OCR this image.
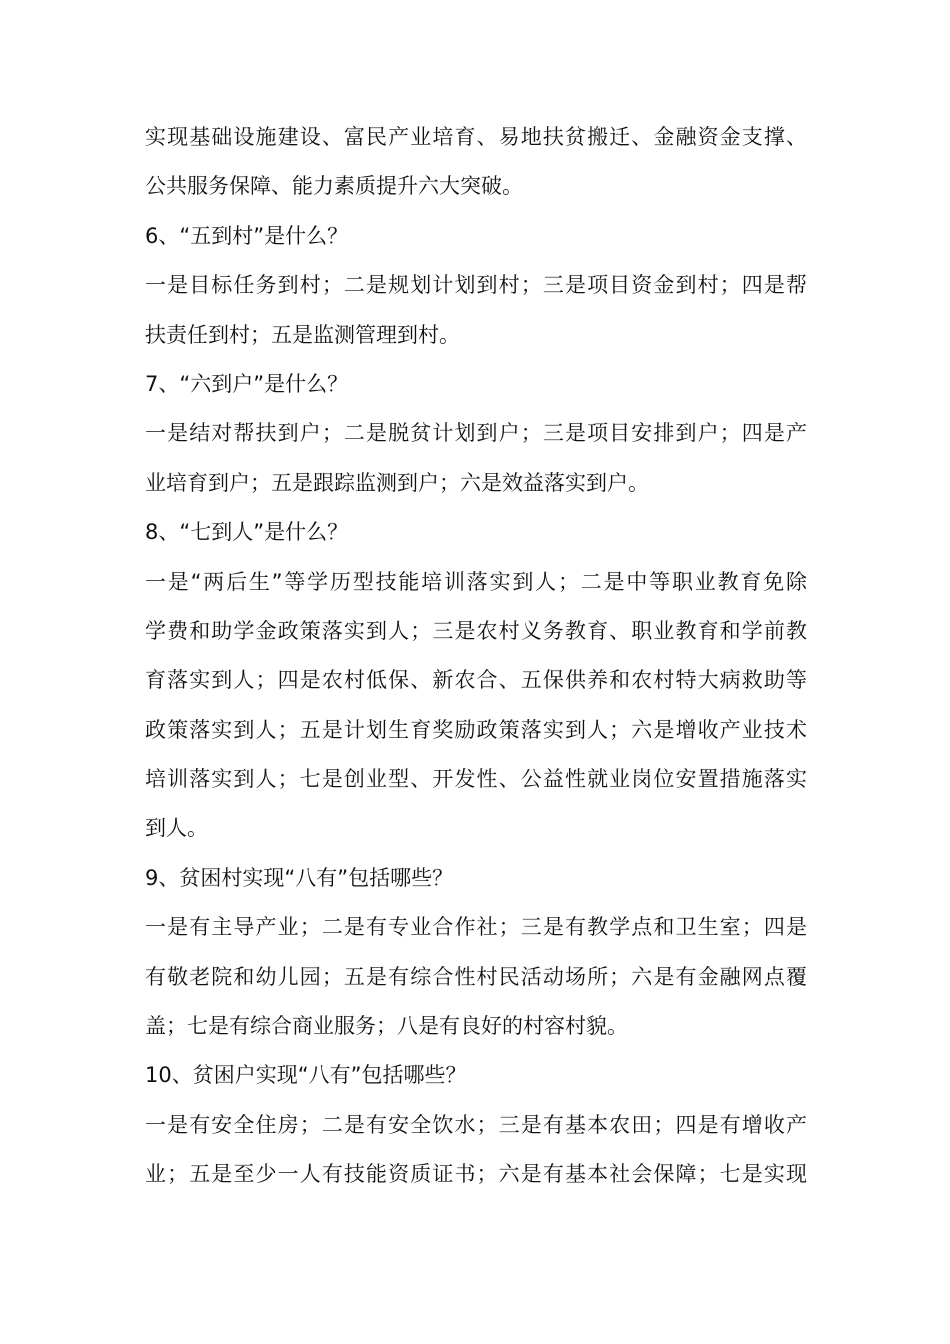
实现基础设施建设、富民产业培育、易地扶贫搬迁、金融资金支撑、
公共服务保障、能力素质提升六大突破。
6、“五到村”是什么？
一是目标任务到村；二是规划计划到村；三是项目资金到村；四是帮
扶责任到村；五是监测管理到村。
7、“六到户”是什么？
一是结对帮扶到户；二是脱贫计划到户；三是项目安排到户；四是产
业培育到户；五是跟踪监测到户；六是效益落实到户。
8、“七到人”是什么？
一是“两后生”等学历型技能培训落实到人；二是中等职业教育免除
学费和助学金政策落实到人；三是农村义务教育、职业教育和学前教
育落实到人；四是农村低保、新农合、五保供养和农村特大病救助等
政策落实到人；五是计划生育奖励政策落实到人；六是增收产业技术
培训落实到人；七是创业型、开发性、公益性就业岗位安置措施落实
到人。
9、贫困村实现“八有”包括哪些？
一是有主导产业；二是有专业合作社；三是有教学点和卫生室；四是
有敬老院和幼儿园；五是有综合性村民活动场所；六是有金融网点覆
盖；七是有综合商业服务；八是有良好的村容村貌。
10、贫困户实现“八有”包括哪些？
一是有安全住房；二是有安全饮水；三是有基本农田；四是有增收产
业；五是至少一人有技能资质证书；六是有基本社会保障；七是实现
